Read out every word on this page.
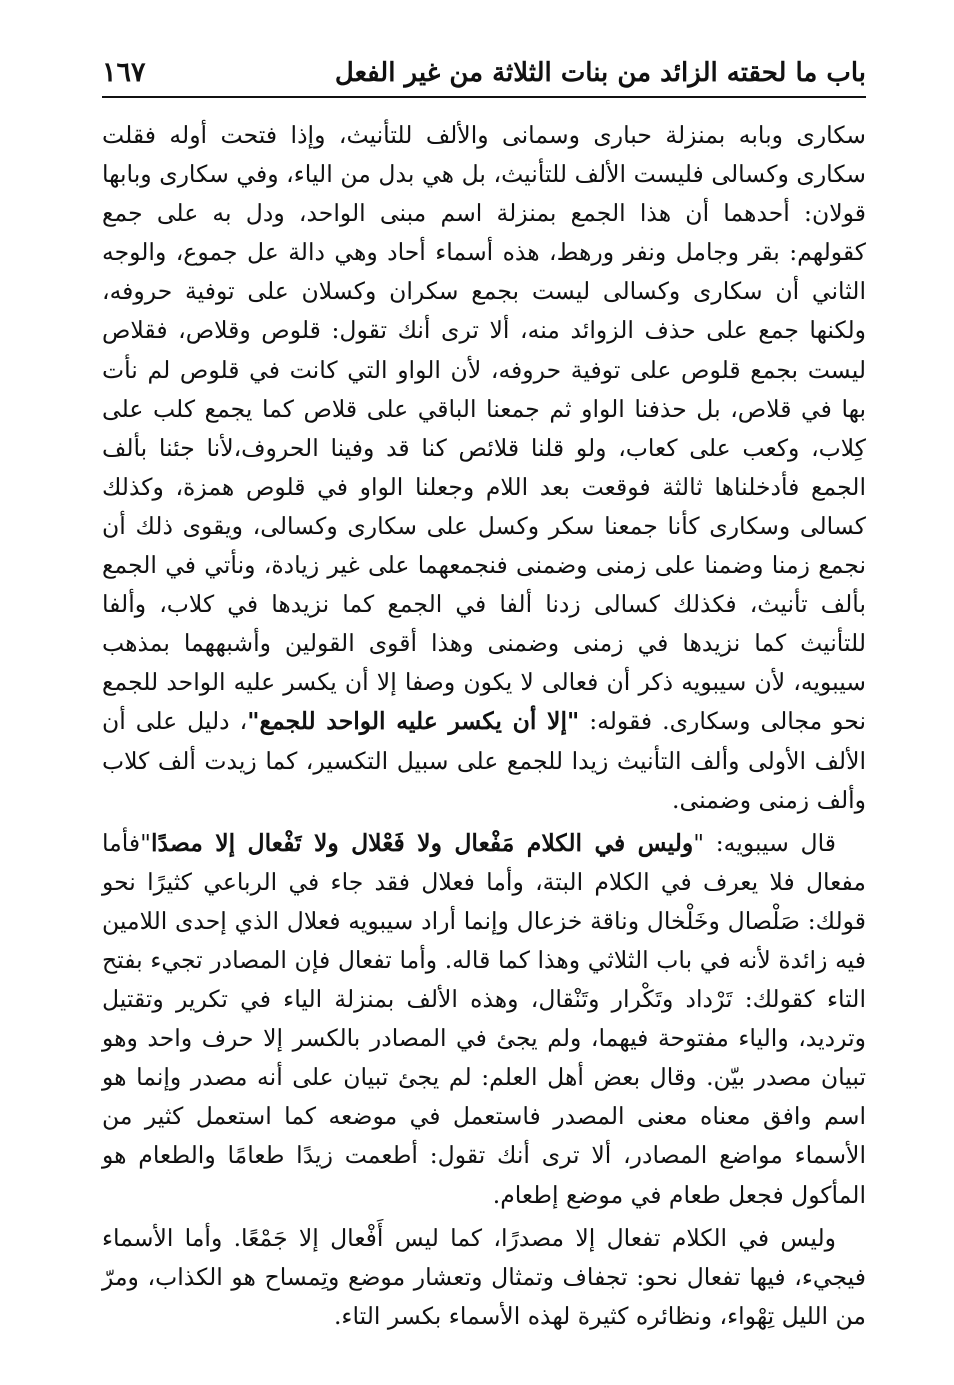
١٦٧	باب ما لحقته الزائد من بنات الثلاثة من غير الفعل

سكارى وبابه بمنزلة حبارى وسمانى والألف للتأنيث، وإذا فتحت أوله فقلت سكارى وكسالى فليست الألف للتأنيث، بل هي بدل من الياء، وفي سكارى وبابها قولان: أحدهما أن هذا الجمع بمنزلة اسم مبنى الواحد، ودل به على جمع كقولهم: بقر وجامل ونفر ورهط، هذه أسماء أحاد وهي دالة عل جموع، والوجه الثاني أن سكارى وكسالى ليست بجمع سكران وكسلان على توفية حروفه، ولكنها جمع على حذف الزوائد منه، ألا ترى أنك تقول: قلوص وقلاص، فقلاص ليست بجمع قلوص على توفية حروفه، لأن الواو التي كانت في قلوص لم نأت بها في قلاص، بل حذفنا الواو ثم جمعنا الباقي على قلاص كما يجمع كلب على كِلاب، وكعب على كعاب، ولو قلنا قلائص كنا قد وفينا الحروف،لأنا جئنا بألف الجمع فأدخلناها ثالثة فوقعت بعد اللام وجعلنا الواو في قلوص همزة، وكذلك كسالى وسكارى كأنا جمعنا سكر وكسل على سكارى وكسالى، ويقوى ذلك أن نجمع زمنا وضمنا على زمنى وضمنى فنجمعهما على غير زيادة، ونأتي في الجمع بألف تأنيث، فكذلك كسالى زدنا ألفا في الجمع كما نزيدها في كلاب، وألفا للتأنيث كما نزيدها في زمنى وضمنى وهذا أقوى القولين وأشبههما بمذهب سيبويه، لأن سيبويه ذكر أن فعالى لا يكون وصفا إلا أن يكسر عليه الواحد للجمع نحو مجالى وسكارى. فقوله: "إلا أن يكسر عليه الواحد للجمع"، دليل على أن الألف الأولى وألف التأنيث زيدا للجمع على سبيل التكسير، كما زيدت ألف كلاب وألف زمنى وضمنى.

قال سيبويه: "وليس في الكلام مَفْعال ولا فَعْلال ولا تَفْعال إلا مصدًا"فأما مفعال فلا يعرف في الكلام البتة، وأما فعلال فقد جاء في الرباعي كثيرًا نحو قولك: صَلْصال وخَلْخال وناقة خزعال وإنما أراد سيبويه فعلال الذي إحدى اللامين فيه زائدة لأنه في باب الثلاثي وهذا كما قاله. وأما تفعال فإن المصادر تجيء بفتح التاء كقولك: تَرْداد وتَكْرار وتَنْقال، وهذه الألف بمنزلة الياء في تكرير وتقتيل وترديد، والياء مفتوحة فيهما، ولم يجئ في المصادر بالكسر إلا حرف واحد وهو تبيان مصدر بيّن. وقال بعض أهل العلم: لم يجئ تبيان على أنه مصدر وإنما هو اسم وافق معناه معنى المصدر فاستعمل في موضعه كما استعمل كثير من الأسماء مواضع المصادر، ألا ترى أنك تقول: أطعمت زيدًا طعامًا والطعام هو المأكول فجعل طعام في موضع إطعام.

وليس في الكلام تفعال إلا مصدرًا، كما ليس أَفْعال إلا جَمْعًا. وأما الأسماء فيجيء، فيها تفعال نحو: تجفاف وتمثال وتعشار موضع وتِمساح هو الكذاب، ومرّ من الليل تِهْواء، ونظائره كثيرة لهذه الأسماء بكسر التاء.
